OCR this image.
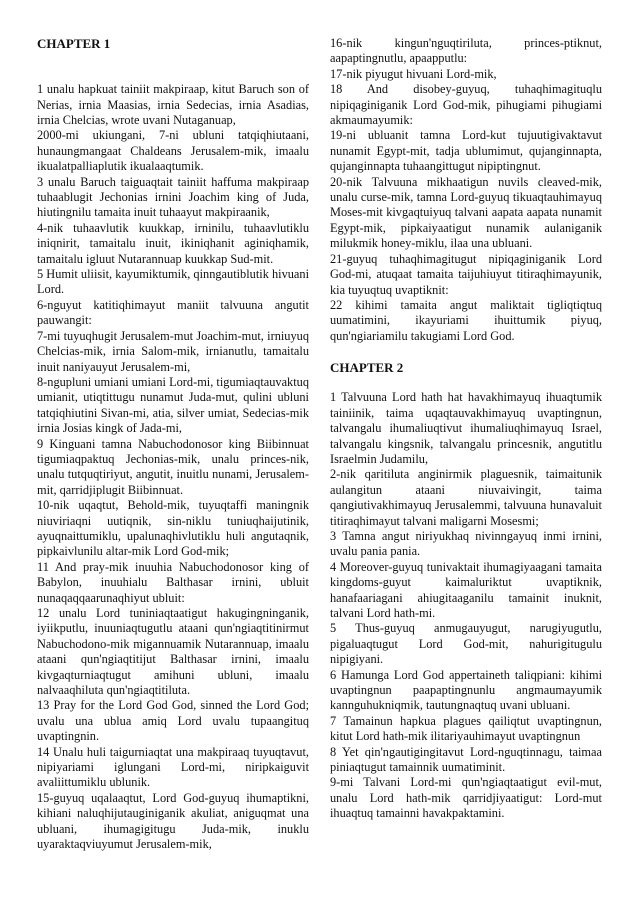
CHAPTER 1

1 unalu hapkuat tainiit makpiraap, kitut Baruch son of Nerias, irnia Maasias, irnia Sedecias, irnia Asadias, irnia Chelcias, wrote uvani Nutaganuap,

2000-mi ukiungani, 7-ni ubluni tatqiqhiutaani, hunaungmangaat Chaldeans Jerusalem-mik, imaalu ikualatpalliaplutik ikualaaqtumik.

3 unalu Baruch taiguaqtait tainiit haffuma makpiraap tuhaablugit Jechonias irnini Joachim king of Juda, hiutingnilu tamaita inuit tuhaayut makpiraanik,

4-nik tuhaavlutik kuukkap, irninilu, tuhaavlutiklu iniqnirit, tamaitalu inuit, ikiniqhanit aginiqhamik, tamaitalu igluut Nutarannuap kuukkap Sud-mit.

5 Humit uliisit, kayumiktumik, qinngautiblutik hivuani Lord.

6-nguyut katitiqhimayut maniit talvuuna angutit pauwangit:

7-mi tuyuqhugit Jerusalem-mut Joachim-mut, irniuyuq Chelcias-mik, irnia Salom-mik, irnianutlu, tamaitalu inuit naniyauyut Jerusalem-mi,

8-ngupluni umiani umiani Lord-mi, tigumiaqtauvaktuq umianit, utiqtittugu nunamut Juda-mut, qulini ubluni tatqiqhiutini Sivan-mi, atia, silver umiat, Sedecias-mik irnia Josias kingk of Jada-mi,

9 Kinguani tamna Nabuchodonosor king Biibinnuat tigumiaqpaktuq Jechonias-mik, unalu princes-nik, unalu tutquqtiriyut, angutit, inuitlu nunami, Jerusalem-mit, qarridjiplugit Biibinnuat.

10-nik uqaqtut, Behold-mik, tuyuqtaffi maningnik niuviriaqni uutiqnik, sin-niklu tuniuqhaijutinik, ayuqnaittumiklu, upalunaqhivlutiklu huli angutaqnik, pipkaivlunilu altar-mik Lord God-mik;

11 And pray-mik inuuhia Nabuchodonosor king of Babylon, inuuhialu Balthasar irnini, ubluit nunaqaqqaarunaqhiyut ubluit:

12 unalu Lord tuniniaqtaatigut hakugingninganik, iyiikputlu, inuuniaqtugutlu ataani qun'ngiaqtitinirmut Nabuchodono-mik migannuamik Nutarannuap, imaalu ataani qun'ngiaqtitijut Balthasar irnini, imaalu kivgaqturniaqtugut amihuni ubluni, imaalu nalvaaqhiluta qun'ngiaqtitiluta.

13 Pray for the Lord God God, sinned the Lord God; uvalu una ublua amiq Lord uvalu tupaangituq uvaptingnin.

14 Unalu huli taigurniaqtat una makpiraaq tuyuqtavut, nipiyariami iglungani Lord-mi, niripkaiguvit avaliittumiklu ublunik.

15-guyuq uqalaaqtut, Lord God-guyuq ihumaptikni, kihiani naluqhijutauginiganik akuliat, aniguqmat una ubluani, ihumagigitugu Juda-mik, inuklu uyaraktaqviuyumut Jerusalem-mik,

16-nik kingun'nguqtiriluta, princes-ptiknut, aapaptingnutlu, apaapputlu:

17-nik piyugut hivuani Lord-mik,

18 And disobey-guyuq, tuhaqhimagituqlu nipiqaginiganik Lord God-mik, pihugiami pihugiami akmaumayumik:

19-ni ubluanit tamna Lord-kut tujuutigivaktavut nunamit Egypt-mit, tadja ublumimut, qujanginnapta, qujanginnapta tuhaangittugut nipiptingnut.

20-nik Talvuuna mikhaatigun nuvils cleaved-mik, unalu curse-mik, tamna Lord-guyuq tikuaqtauhimayuq Moses-mit kivgaqtuiyuq talvani aapata aapata nunamit Egypt-mik, pipkaiyaatigut nunamik aulaniganik milukmik honey-miklu, ilaa una ubluani.

21-guyuq tuhaqhimagitugut nipiqaginiganik Lord God-mi, atuqaat tamaita taijuhiuyut titiraqhimayunik, kia tuyuqtuq uvaptiknit:

22 kihimi tamaita angut maliktait tigliqtiqtuq uumatimini, ikayuriami ihuittumik piyuq, qun'ngiariamilu takugiami Lord God.

CHAPTER 2

1 Talvuuna Lord hath hat havakhimayuq ihuaqtumik tainiinik, taima uqaqtauvakhimayuq uvaptingnun, talvangalu ihumaliuqtivut ihumaliuqhimayuq Israel, talvangalu kingsnik, talvangalu princesnik, angutitlu Israelmin Judamilu,

2-nik qaritiluta anginirmik plaguesnik, taimaitunik aulangitun ataani niuvaivingit, taima qangiutivakhimayuq Jerusalemmi, talvuuna hunavaluit titiraqhimayut talvani maligarni Mosesmi;

3 Tamna angut niriyukhaq nivinngayuq inmi irnini, uvalu pania pania.

4 Moreover-guyuq tunivaktait ihumagiyaagani tamaita kingdoms-guyut kaimaluriktut uvaptiknik, hanafaariagani ahiugitaaganilu tamainit inuknit, talvani Lord hath-mi.

5 Thus-guyuq anmugauyugut, narugiyugutlu, pigaluaqtugut Lord God-mit, nahurigitugulu nipigiyani.

6 Hamunga Lord God appertaineth taliqpiani: kihimi uvaptingnun paapaptingnunlu angmaumayumik kannguhukniqmik, tautungnaqtuq uvani ubluani.

7 Tamainun hapkua plagues qailiqtut uvaptingnun, kitut Lord hath-mik ilitariyauhimayut uvaptingnun

8 Yet qin'ngautigingitavut Lord-nguqtinnagu, taimaa piniaqtugut tamainnik uumatiminit.

9-mi Talvani Lord-mi qun'ngiaqtaatigut evil-mut, unalu Lord hath-mik qarridjiyaatigut: Lord-mut ihuaqtuq tamainni havakpaktamini.
